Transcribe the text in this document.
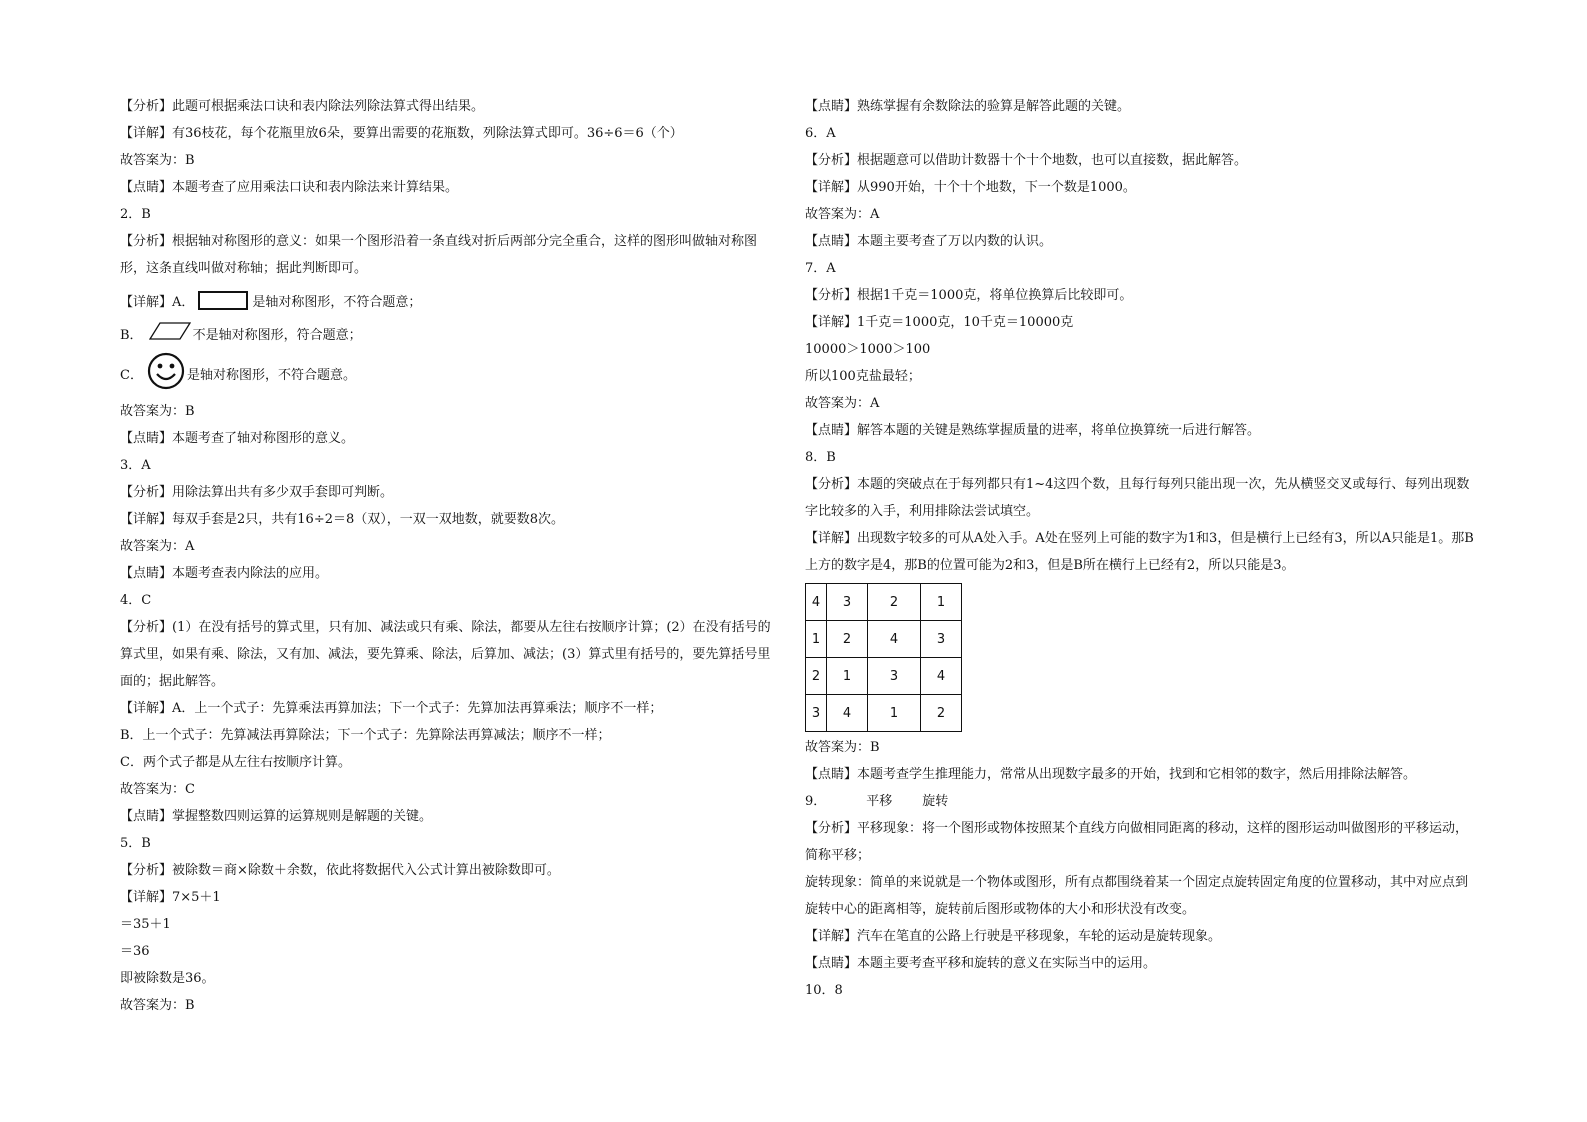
【分析】此题可根据乘法口诀和表内除法列除法算式得出结果。

【详解】有36枝花，每个花瓶里放6朵，要算出需要的花瓶数，列除法算式即可。36÷6＝6（个）

故答案为：B

【点睛】本题考查了应用乘法口诀和表内除法来计算结果。

2．B

【分析】根据轴对称图形的意义：如果一个图形沿着一条直线对折后两部分完全重合，这样的图形叫做轴对称图形，这条直线叫做对称轴；据此判断即可。

【详解】A．	是轴对称图形，不符合题意；
B．	不是轴对称图形，符合题意；
C．	是轴对称图形，不符合题意。

故答案为：B

【点睛】本题考查了轴对称图形的意义。

3．A

【分析】用除法算出共有多少双手套即可判断。

【详解】每双手套是2只，共有16÷2＝8（双），一双一双地数，就要数8次。

故答案为：A

【点睛】本题考查表内除法的应用。

4．C

【分析】(1）在没有括号的算式里，只有加、减法或只有乘、除法，都要从左往右按顺序计算；(2）在没有括号的算式里，如果有乘、除法，又有加、减法，要先算乘、除法，后算加、减法；(3）算式里有括号的，要先算括号里面的；据此解答。

【详解】A．上一个式子：先算乘法再算加法；下一个式子：先算加法再算乘法；顺序不一样；

B．上一个式子：先算减法再算除法；下一个式子：先算除法再算减法；顺序不一样；

C．两个式子都是从左往右按顺序计算。

故答案为：C

【点睛】掌握整数四则运算的运算规则是解题的关键。

5．B

【分析】被除数＝商×除数＋余数，依此将数据代入公式计算出被除数即可。

【详解】7×5＋1

＝35＋1

＝36

即被除数是36。

故答案为：B

【点睛】熟练掌握有余数除法的验算是解答此题的关键。

6．A

【分析】根据题意可以借助计数器十个十个地数，也可以直接数，据此解答。

【详解】从990开始，十个十个地数，下一个数是1000。

故答案为：A

【点睛】本题主要考查了万以内数的认识。

7．A

【分析】根据1千克＝1000克，将单位换算后比较即可。

【详解】1千克＝1000克，10千克＝10000克

10000＞1000＞100

所以100克盐最轻；

故答案为：A

【点睛】解答本题的关键是熟练掌握质量的进率，将单位换算统一后进行解答。

8．B

【分析】本题的突破点在于每列都只有1~4这四个数，且每行每列只能出现一次，先从横竖交叉或每行、每列出现数字比较多的入手，利用排除法尝试填空。

【详解】出现数字较多的可从A处入手。A处在竖列上可能的数字为1和3，但是横行上已经有3，所以A只能是1。那B上方的数字是4，那B的位置可能为2和3，但是B所在横行上已经有2，所以只能是3。

4	3	2	1
1	2	4	3
2	1	3	4
3	4	1	2

故答案为：B

【点睛】本题考查学生推理能力，常常从出现数字最多的开始，找到和它相邻的数字，然后用排除法解答。

9．	平移 旋转

【分析】平移现象：将一个图形或物体按照某个直线方向做相同距离的移动，这样的图形运动叫做图形的平移运动，简称平移；

旋转现象：简单的来说就是一个物体或图形，所有点都围绕着某一个固定点旋转固定角度的位置移动，其中对应点到旋转中心的距离相等，旋转前后图形或物体的大小和形状没有改变。

【详解】汽车在笔直的公路上行驶是平移现象，车轮的运动是旋转现象。

【点睛】本题主要考查平移和旋转的意义在实际当中的运用。

10．8
